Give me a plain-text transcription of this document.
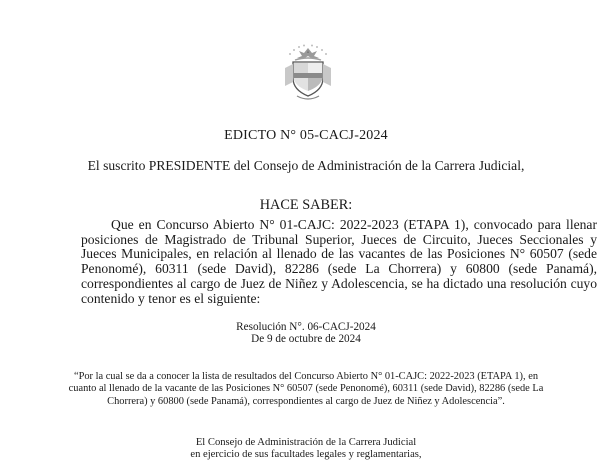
EDICTO N° 05-CACJ-2024
El suscrito PRESIDENTE del Consejo de Administración de la Carrera Judicial,
HACE SABER:
Que en Concurso Abierto N° 01-CAJC: 2022-2023 (ETAPA 1), convocado para llenar posiciones de Magistrado de Tribunal Superior, Jueces de Circuito, Jueces Seccionales y Jueces Municipales, en relación al llenado de las vacantes de las Posiciones N° 60507 (sede Penonomé), 60311 (sede David), 82286 (sede La Chorrera) y 60800 (sede Panamá), correspondientes al cargo de Juez de Niñez y Adolescencia, se ha dictado una resolución cuyo contenido y tenor es el siguiente:
Resolución N°. 06-CACJ-2024
De 9 de octubre de 2024
“Por la cual se da a conocer la lista de resultados del Concurso Abierto N° 01-CAJC: 2022-2023 (ETAPA 1), en cuanto al llenado de la vacante de las Posiciones N° 60507 (sede Penonomé), 60311 (sede David), 82286 (sede La Chorrera) y 60800 (sede Panamá), correspondientes al cargo de Juez de Niñez y Adolescencia”.
El Consejo de Administración de la Carrera Judicial
en ejercicio de sus facultades legales y reglamentarias,
